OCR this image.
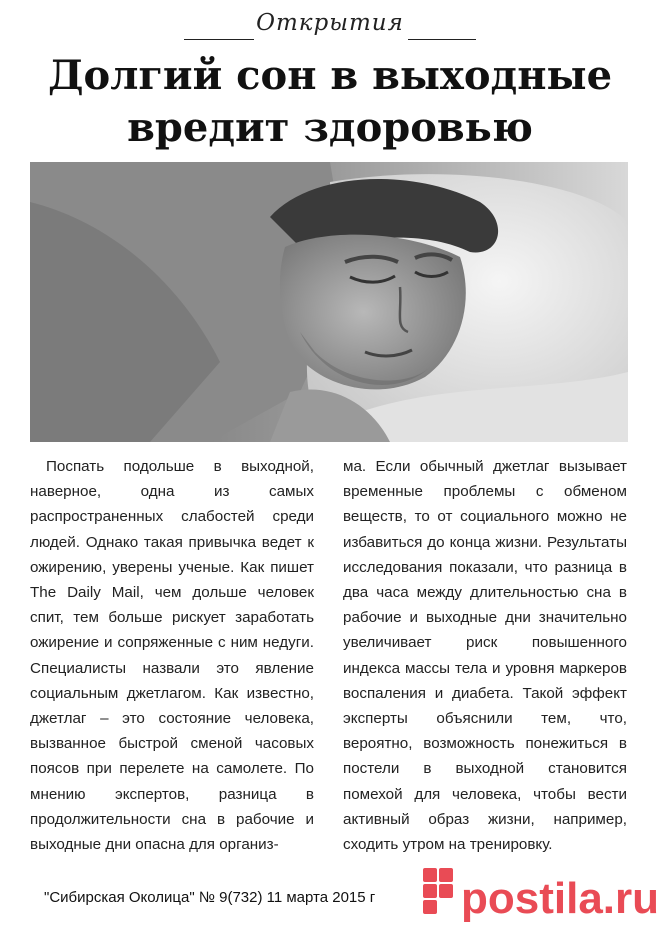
Открытия
Долгий сон в выходные
вредит здоровью

Поспать подольше в выходной, наверное, одна из самых распространенных слабостей среди людей. Однако такая привычка ведет к ожирению, уверены ученые. Как пишет The Daily Mail, чем дольше человек спит, тем больше рискует заработать ожирение и сопряженные с ним недуги. Специалисты назвали это явление социальным джетлагом. Как известно, джетлаг – это состояние человека, вызванное быстрой сменой часовых поясов при перелете на самолете. По мнению экспертов, разница в продолжительности сна в рабочие и выходные дни опасна для организ-

ма. Если обычный джетлаг вызывает временные проблемы с обменом веществ, то от социального можно не избавиться до конца жизни. Результаты исследования показали, что разница в два часа между длительностью сна в рабочие и выходные дни значительно увеличивает риск повышенного индекса массы тела и уровня маркеров воспаления и диабета. Такой эффект эксперты объяснили тем, что, вероятно, возможность понежиться в постели в выходной становится помехой для человека, чтобы вести активный образ жизни, например, сходить утром на тренировку.

"Сибирская Околица" № 9(732) 11 марта 2015 г postila.ru
